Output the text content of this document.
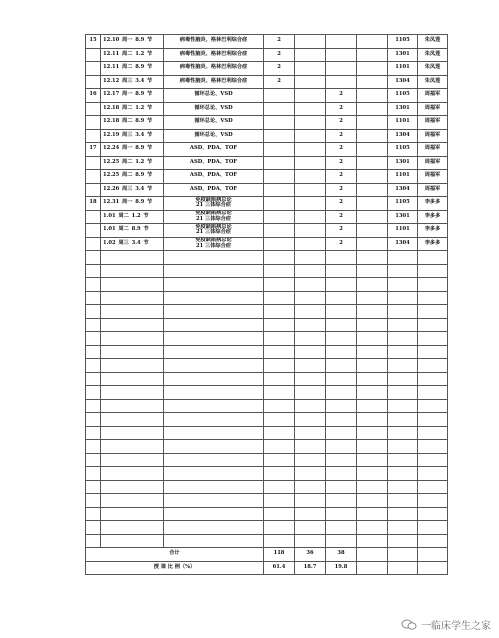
15	12.10 周一 8.9 节	病毒性脑炎、格林巴利综合症	2				1105	朱凤莲
	12.11 周二 1.2 节	病毒性脑炎、格林巴利综合症	2				1301	朱凤莲
	12.11 周二 8.9 节	病毒性脑炎、格林巴利综合症	2				1101	朱凤莲
	12.12 周三 3.4 节	病毒性脑炎、格林巴利综合症	2				1304	朱凤莲
16	12.17 周一 8.9 节	循环总论、VSD			2		1105	周福军
	12.18 周二 1.2 节	循环总论、VSD			2		1301	周福军
	12.18 周二 8.9 节	循环总论、VSD			2		1101	周福军
	12.19 周三 3.4 节	循环总论、VSD			2		1304	周福军
17	12.24 周一 8.9 节	ASD、PDA、TOF			2		1105	周福军
	12.25 周二 1.2 节	ASD、PDA、TOF			2		1301	周福军
	12.25 周二 8.9 节	ASD、PDA、TOF			2		1101	周福军
	12.26 周三 3.4 节	ASD、PDA、TOF			2		1304	周福军
18	12.31 周一 8.9 节	免疫缺陷病总论
21 三体综合症			2		1105	李多多
	1.01 周二 1.2 节	免疫缺陷病总论
21 三体综合症			2		1301	李多多
	1.01 周二 8.9 节	免疫缺陷病总论
21 三体综合症			2		1101	李多多
	1.02 周三 3.4 节	免疫缺陷病总论
21 三体综合症			2		1304	李多多

合计			118	36	38			
授 课 比 例（%）			61.4	18.7	19.8			
一临床学生之家
